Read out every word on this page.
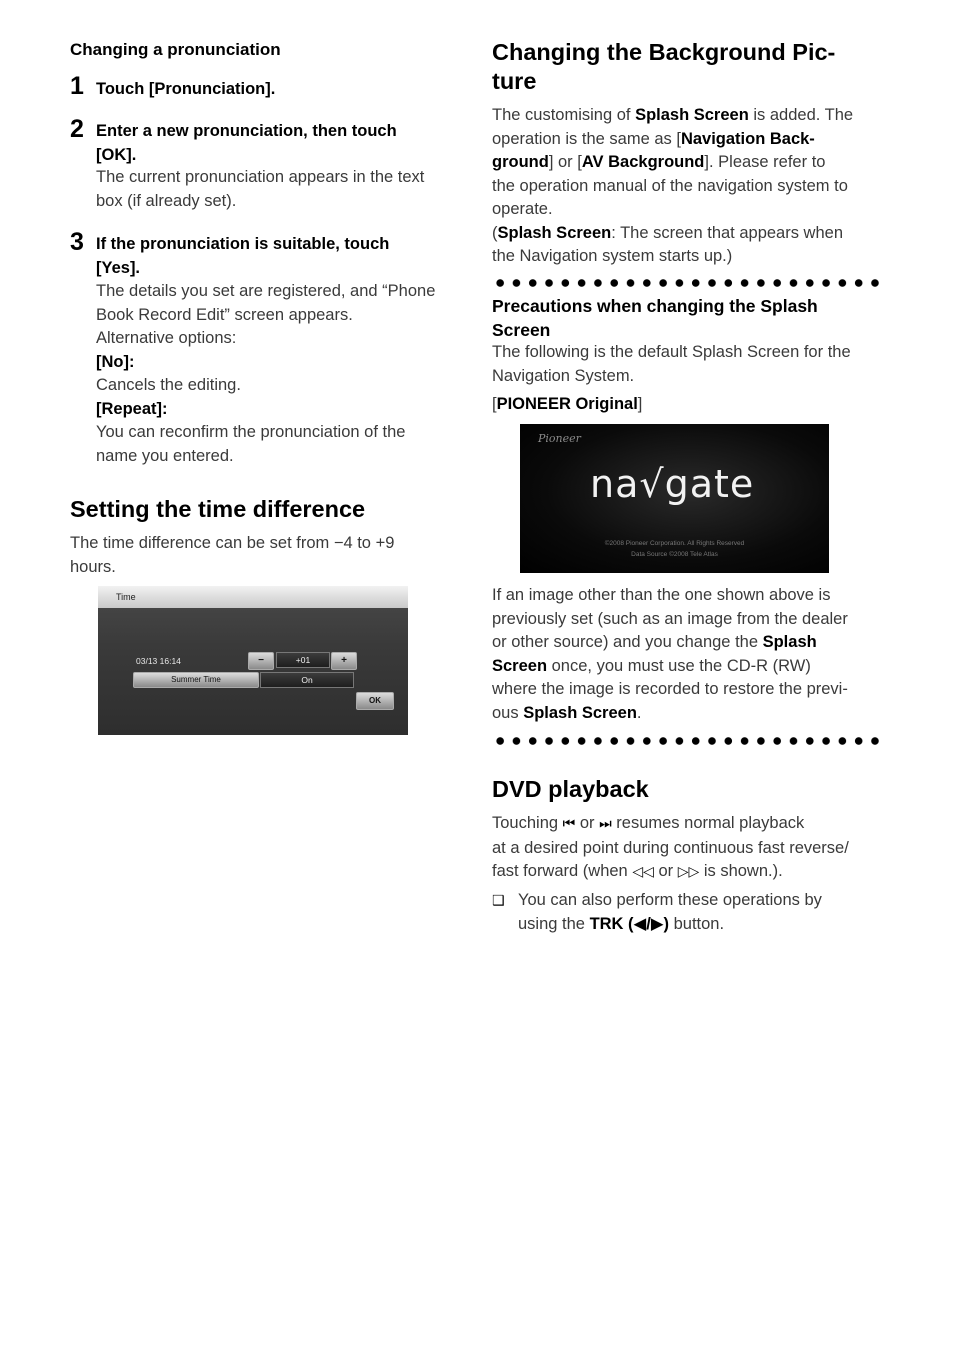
Changing a pronunciation
1 Touch [Pronunciation].
2 Enter a new pronunciation, then touch
[OK].
The current pronunciation appears in the text
box (if already set).
3 If the pronunciation is suitable, touch
[Yes].
The details you set are registered, and “Phone
Book Record Edit” screen appears.
Alternative options:
[No]:
Cancels the editing.
[Repeat]:
You can reconfirm the pronunciation of the
name you entered.
Setting the time difference
The time difference can be set from −4 to +9
hours.
Time
03/13 16:14	−	+01	+
Summer Time	On
OK
Changing the Background Pic-
ture
The customising of Splash Screen is added. The
operation is the same as [Navigation Back-
ground] or [AV Background]. Please refer to
the operation manual of the navigation system to
operate.
(Splash Screen: The screen that appears when
the Navigation system starts up.)
Precautions when changing the Splash
Screen
The following is the default Splash Screen for the
Navigation System.
[PIONEER Original]
If an image other than the one shown above is
previously set (such as an image from the dealer
or other source) and you change the Splash
Screen once, you must use the CD-R (RW)
where the image is recorded to restore the previ-
ous Splash Screen.
DVD playback
Touching ⏮ or ⏭ resumes normal playback
at a desired point during continuous fast reverse/
fast forward (when ◁◁ or ▷▷ is shown.).
❑ You can also perform these operations by
using the TRK (◀/▶) button.
Pioneer
na√gate
©2008 Pioneer Corporation. All Rights Reserved
Data Source ©2008 Tele Atlas
